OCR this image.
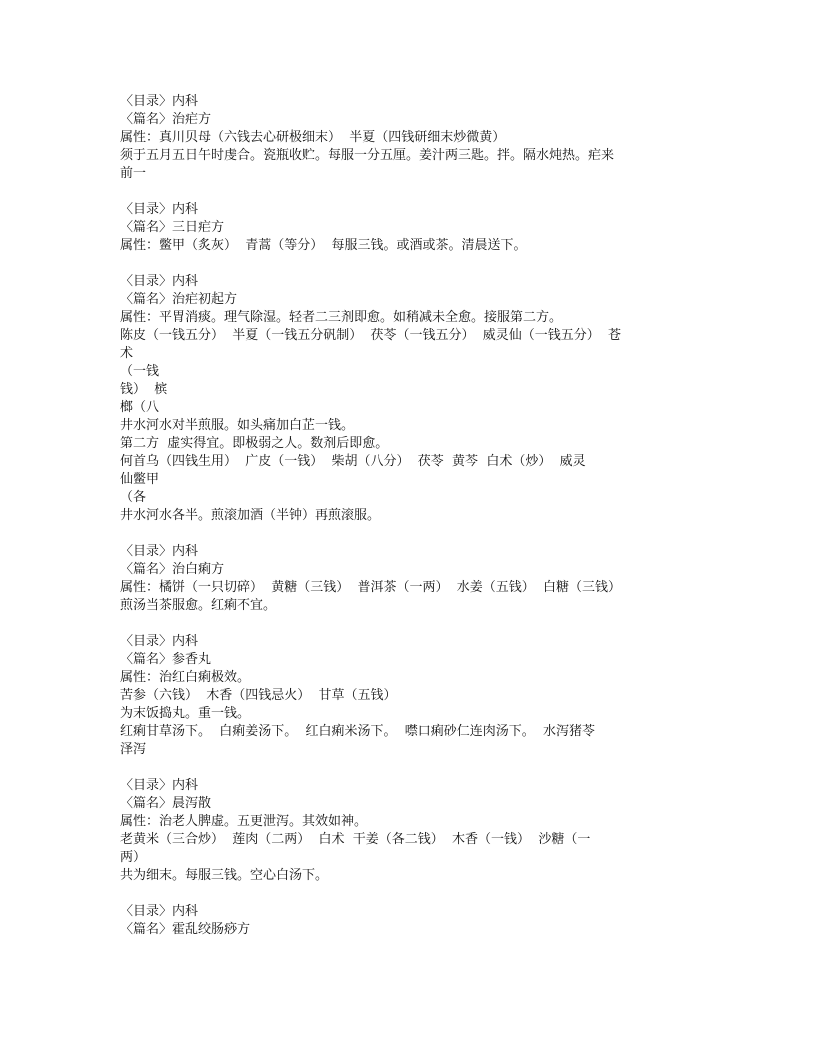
〈目录〉内科
〈篇名〉治疟方
属性：真川贝母（六钱去心研极细末）  半夏（四钱研细末炒微黄）
须于五月五日午时虔合。瓷瓶收贮。每服一分五厘。姜汁两三匙。拌。隔水炖热。疟来
前一
〈目录〉内科
〈篇名〉三日疟方
属性：鳖甲（炙灰）  青蒿（等分）  每服三钱。或酒或茶。清晨送下。
〈目录〉内科
〈篇名〉治疟初起方
属性：平胃消痰。理气除湿。轻者二三剂即愈。如稍减未全愈。接服第二方。
陈皮（一钱五分）  半夏（一钱五分矾制）  茯苓（一钱五分）  威灵仙（一钱五分）  苍
术
（一钱
钱）  槟
榔（八
井水河水对半煎服。如头痛加白芷一钱。
第二方  虚实得宜。即极弱之人。数剂后即愈。
何首乌（四钱生用）  广皮（一钱）  柴胡（八分）  茯苓  黄芩  白术（炒）  威灵
仙鳖甲
（各
井水河水各半。煎滚加酒（半钟）再煎滚服。
〈目录〉内科
〈篇名〉治白痢方
属性：橘饼（一只切碎）  黄糖（三钱）  普洱茶（一两）  水姜（五钱）  白糖（三钱）
煎汤当茶服愈。红痢不宜。
〈目录〉内科
〈篇名〉参香丸
属性：治红白痢极效。
苦参（六钱）  木香（四钱忌火）  甘草（五钱）
为末饭捣丸。重一钱。
红痢甘草汤下。  白痢姜汤下。  红白痢米汤下。  噤口痢砂仁连肉汤下。  水泻猪苓
泽泻
〈目录〉内科
〈篇名〉晨泻散
属性：治老人脾虚。五更泄泻。其效如神。
老黄米（三合炒）  莲肉（二两）  白术  干姜（各二钱）  木香（一钱）  沙糖（一
两）
共为细末。每服三钱。空心白汤下。
〈目录〉内科
〈篇名〉霍乱绞肠痧方
